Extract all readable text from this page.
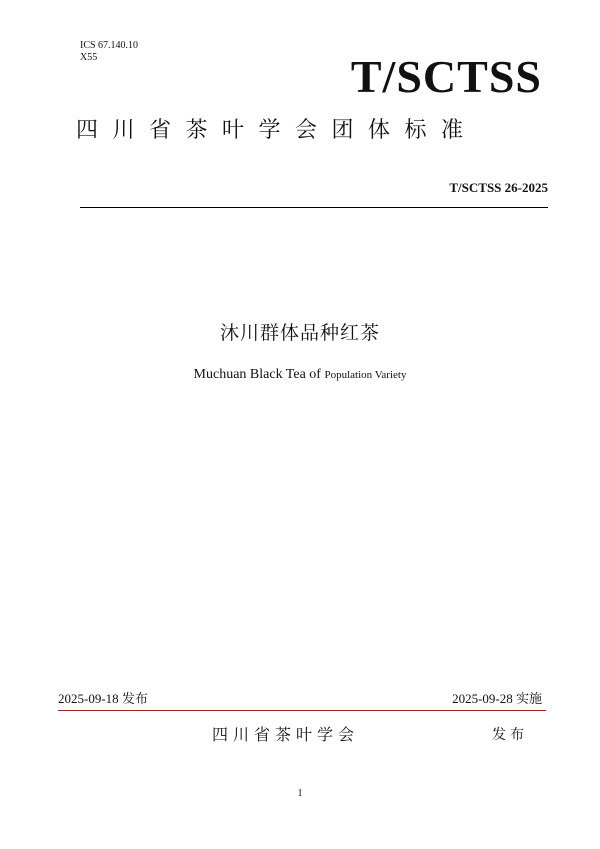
ICS 67.140.10
X55	T/SCTSS
四川省茶叶学会团体标准
T/SCTSS 26-2025
沐川群体品种红茶
Muchuan Black Tea of Population Variety
2025-09-18 发布	2025-09-28 实施
四川省茶叶学会	发布
1
